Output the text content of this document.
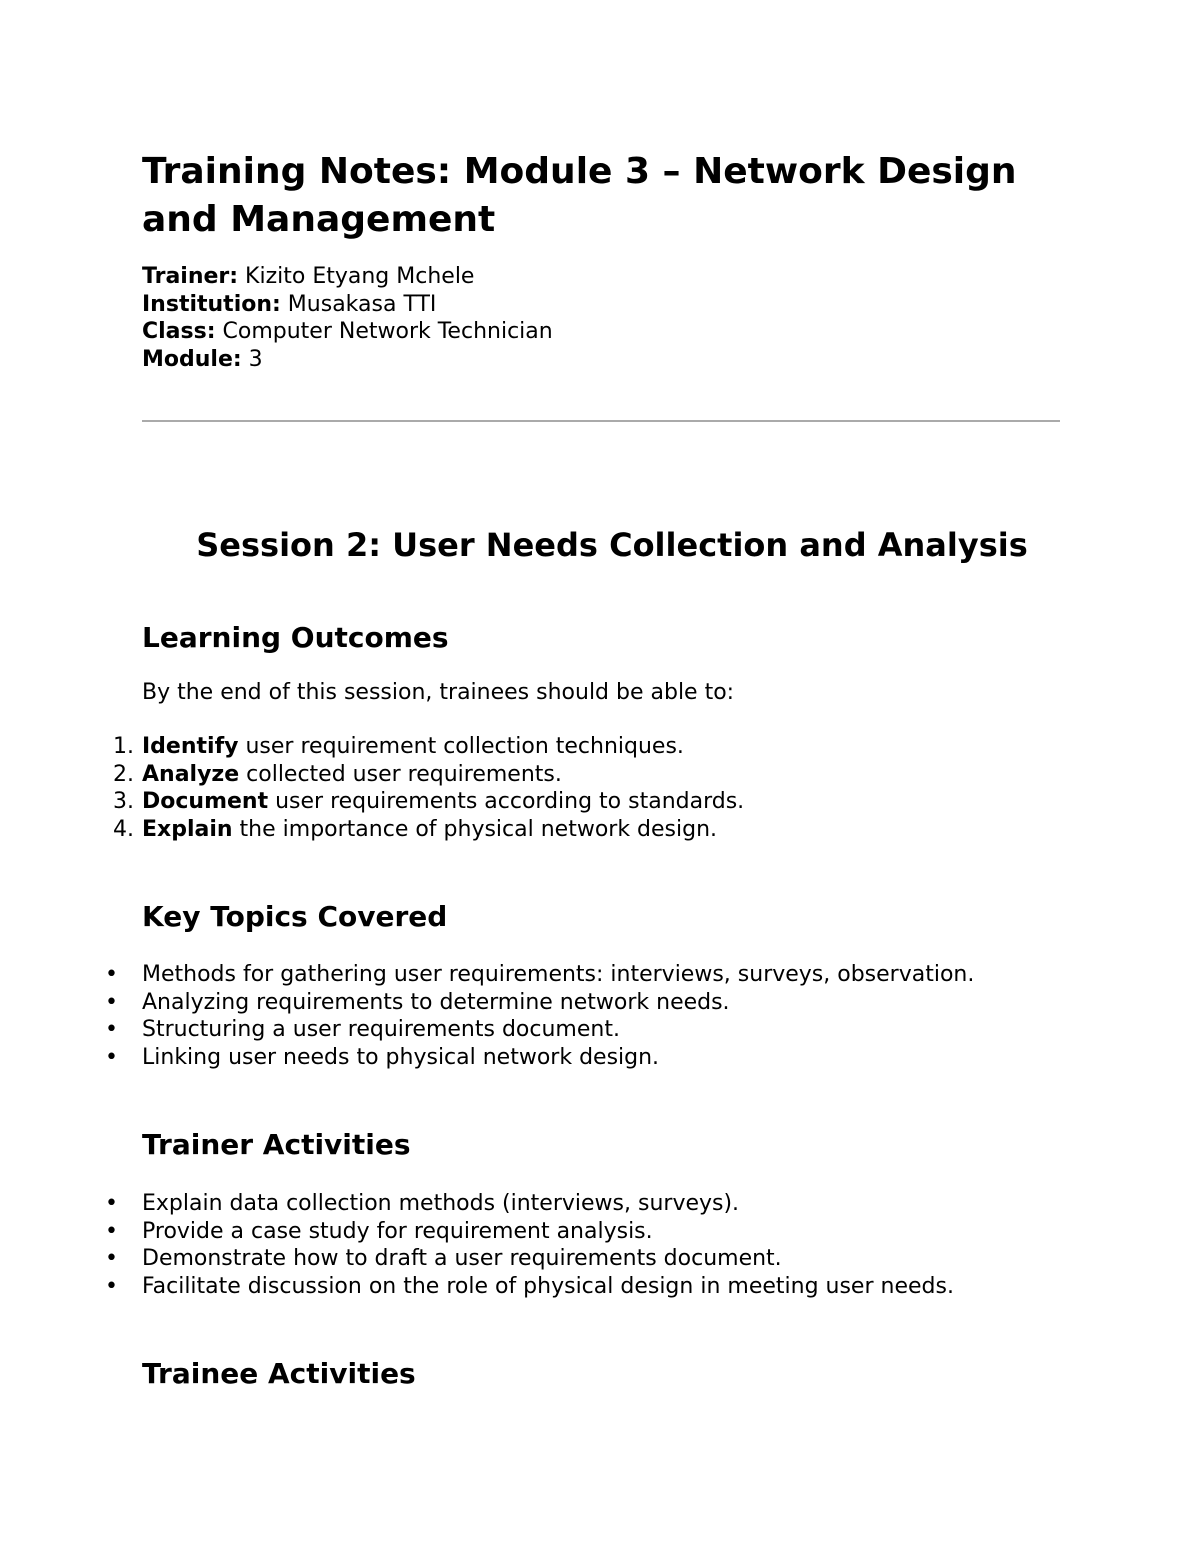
Training Notes: Module 3 – Network Design and Management
Trainer: Kizito Etyang Mchele
Institution: Musakasa TTI
Class: Computer Network Technician
Module: 3
Session 2: User Needs Collection and Analysis
Learning Outcomes
By the end of this session, trainees should be able to:
1. Identify user requirement collection techniques.
2. Analyze collected user requirements.
3. Document user requirements according to standards.
4. Explain the importance of physical network design.
Key Topics Covered
• Methods for gathering user requirements: interviews, surveys, observation.
• Analyzing requirements to determine network needs.
• Structuring a user requirements document.
• Linking user needs to physical network design.
Trainer Activities
• Explain data collection methods (interviews, surveys).
• Provide a case study for requirement analysis.
• Demonstrate how to draft a user requirements document.
• Facilitate discussion on the role of physical design in meeting user needs.
Trainee Activities
